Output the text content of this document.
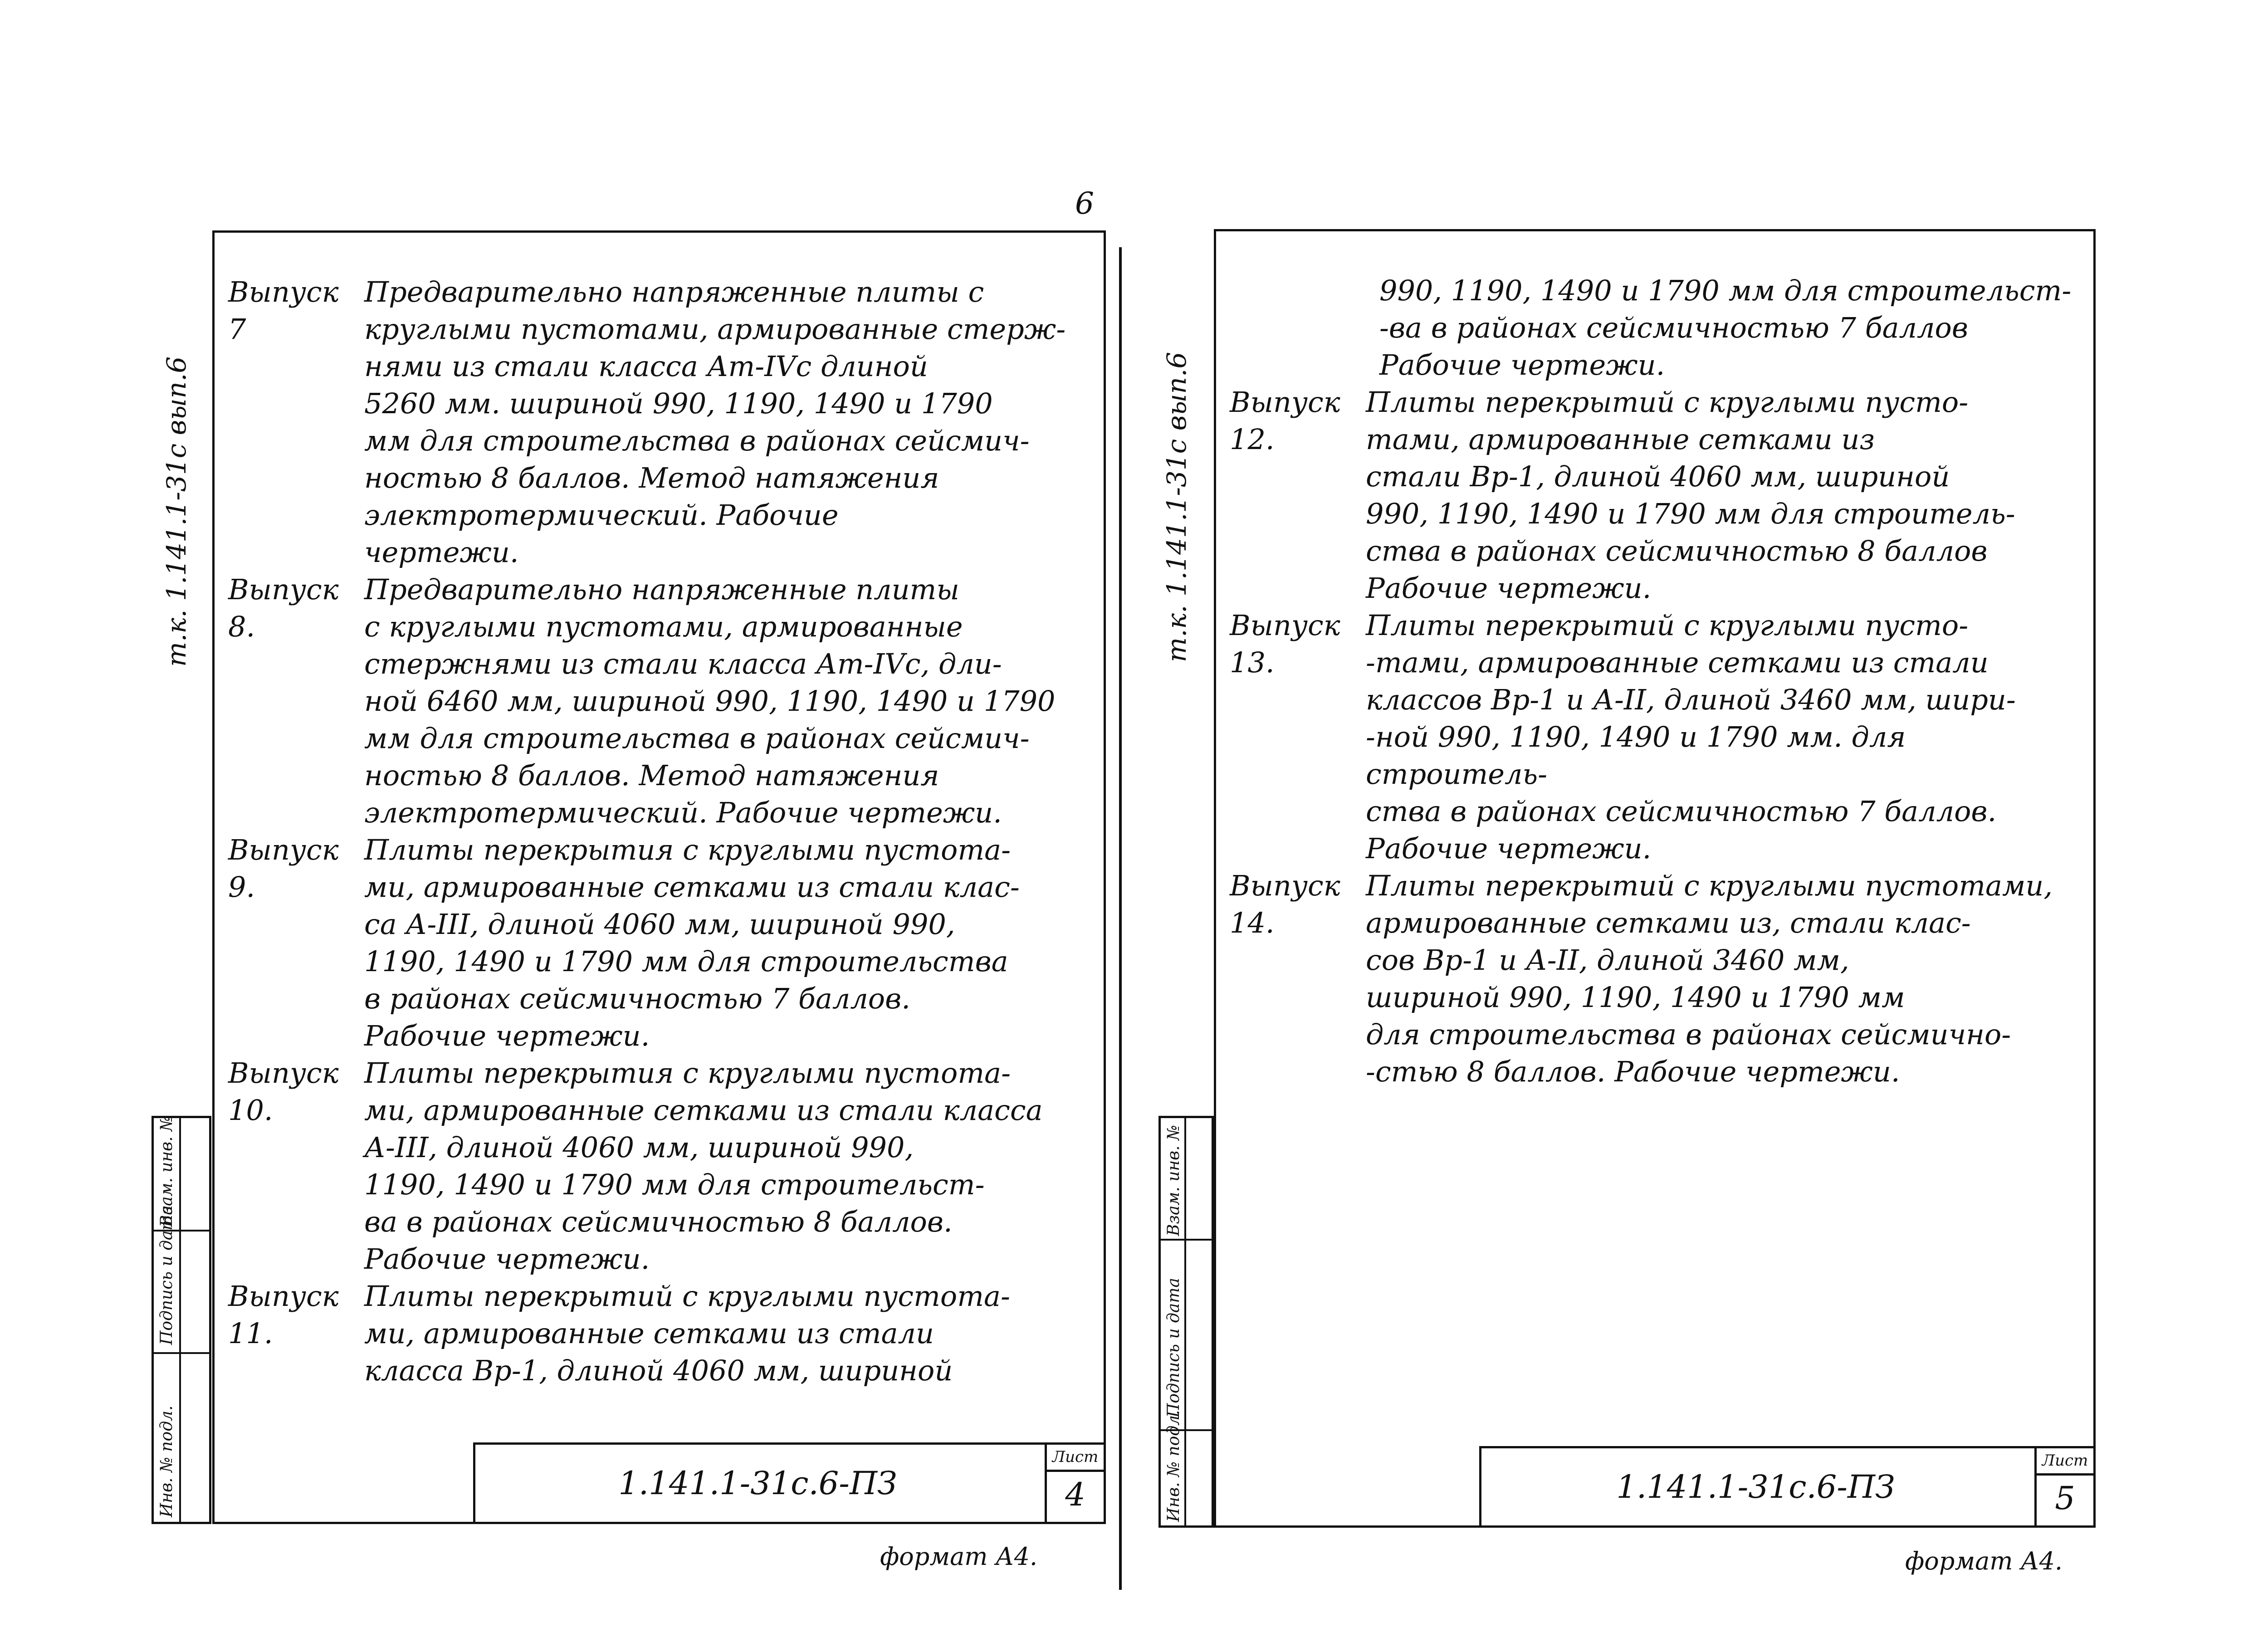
6
т.к. 1.141.1-31с вып.6
Инв. № подл.
Подпись и дата
Взам. инв. №
Выпуск 7
Предварительно напряженные плиты с
круглыми пустотами, армированные стерж-
нями из стали класса Ат-IVс длиной
5260 мм. шириной 990, 1190, 1490 и 1790
мм для строительства в районах сейсмич-
ностью 8 баллов. Метод натяжения
электротермический. Рабочие
чертежи.
Выпуск 8.
Предварительно напряженные плиты
с круглыми пустотами, армированные
стержнями из стали класса Ат-IVс, дли-
ной 6460 мм, шириной 990, 1190, 1490 и 1790
мм для строительства в районах сейсмич-
ностью 8 баллов. Метод натяжения
электротермический. Рабочие чертежи.
Выпуск 9.
Плиты перекрытия с круглыми пустота-
ми, армированные сетками из стали клас-
са А-III, длиной 4060 мм, шириной 990,
1190, 1490 и 1790 мм для строительства
в районах сейсмичностью 7 баллов.
Рабочие чертежи.
Выпуск 10.
Плиты перекрытия с круглыми пустота-
ми, армированные сетками из стали класса
А-III, длиной 4060 мм, шириной 990,
1190, 1490 и 1790 мм для строительст-
ва в районах сейсмичностью 8 баллов.
Рабочие чертежи.
Выпуск 11.
Плиты перекрытий с круглыми пустота-
ми, армированные сетками из стали
класса Вр-1, длиной 4060 мм, шириной
1.141.1-31с.6-ПЗ
Лист
4
формат А4.
т.к. 1.141.1-31с вып.6
Инв. № подл.
Подпись и дата
Взам. инв. №
990, 1190, 1490 и 1790 мм для строительст-
-ва в районах сейсмичностью 7 баллов
Рабочие чертежи.
Выпуск 12.
Плиты перекрытий с круглыми пусто-
тами, армированные сетками из
стали Вр-1, длиной 4060 мм, шириной
990, 1190, 1490 и 1790 мм для строитель-
ства в районах сейсмичностью 8 баллов
Рабочие чертежи.
Выпуск 13.
Плиты перекрытий с круглыми пусто-
-тами, армированные сетками из стали
классов Вр-1 и А-II, длиной 3460 мм, шири-
-ной 990, 1190, 1490 и 1790 мм. для строитель-
ства в районах сейсмичностью 7 баллов.
Рабочие чертежи.
Выпуск 14.
Плиты перекрытий с круглыми пустотами,
армированные сетками из, стали клас-
сов Вр-1 и А-II, длиной 3460 мм,
шириной 990, 1190, 1490 и 1790 мм
для строительства в районах сейсмично-
-стью 8 баллов. Рабочие чертежи.
1.141.1-31с.6-ПЗ
Лист
5
формат А4.
